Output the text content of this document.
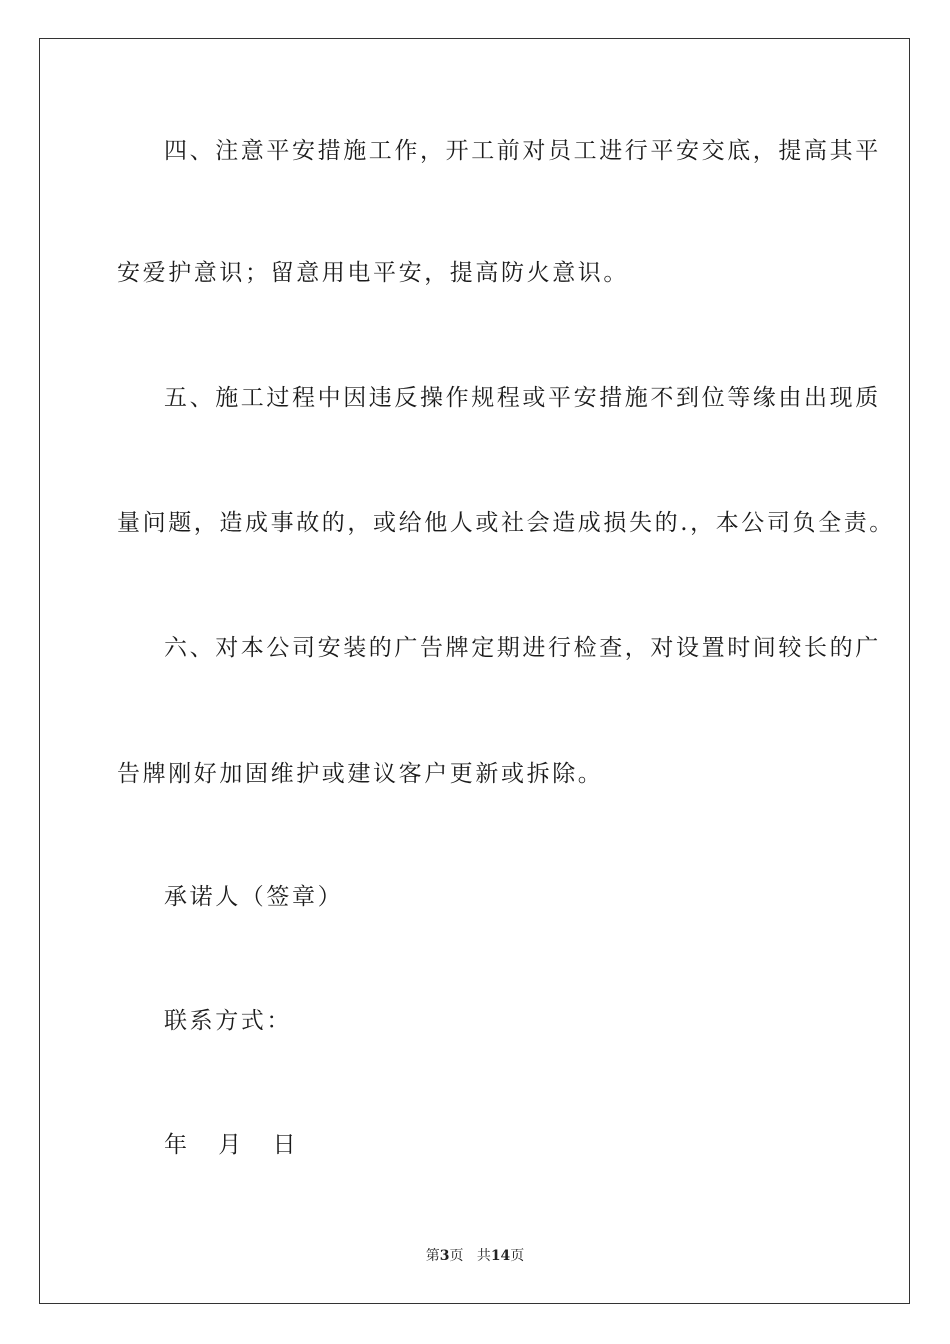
四、注意平安措施工作，开工前对员工进行平安交底，提高其平
安爱护意识；留意用电平安，提高防火意识。
五、施工过程中因违反操作规程或平安措施不到位等缘由出现质
量问题，造成事故的，或给他人或社会造成损失的.，本公司负全责。
六、对本公司安装的广告牌定期进行检查，对设置时间较长的广
告牌刚好加固维护或建议客户更新或拆除。
承诺人（签章）
联系方式：
年 月 日
第3页 共14页
